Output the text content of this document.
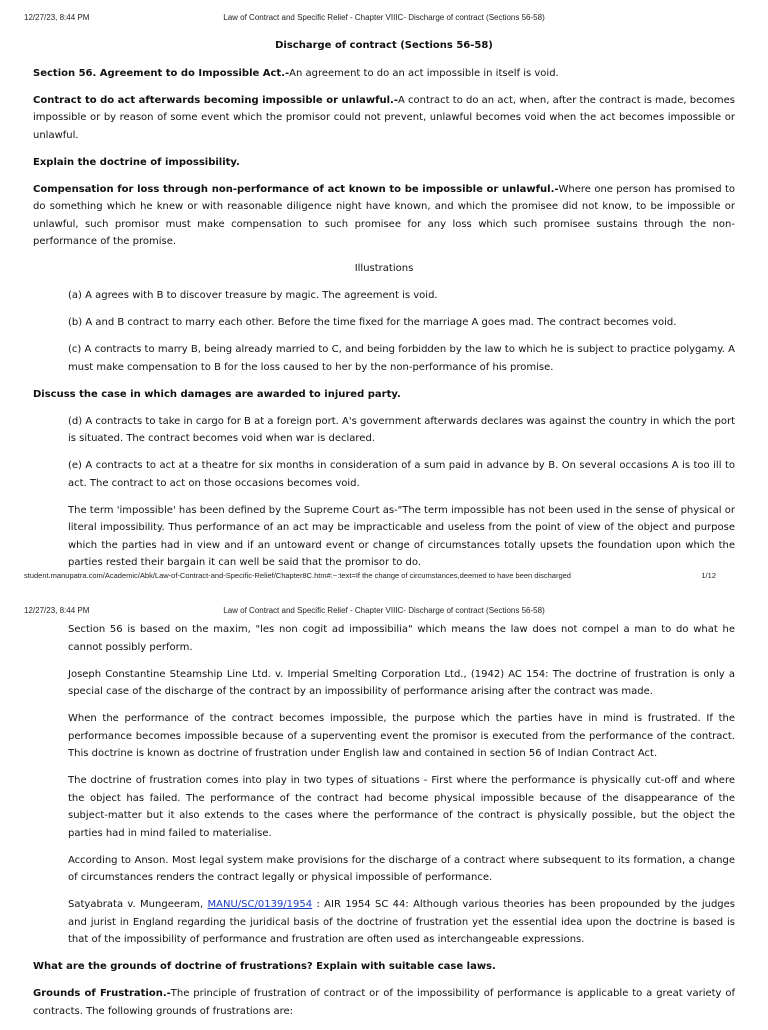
12/27/23, 8:44 PM	Law of Contract and Specific Relief - Chapter VIIIC- Discharge of contract (Sections 56-58)

Discharge of contract (Sections 56-58)

Section 56. Agreement to do Impossible Act.-An agreement to do an act impossible in itself is void.

Contract to do act afterwards becoming impossible or unlawful.-A contract to do an act, when, after the contract is made, becomes impossible or by reason of some event which the promisor could not prevent, unlawful becomes void when the act becomes impossible or unlawful.

Explain the doctrine of impossibility.

Compensation for loss through non-performance of act known to be impossible or unlawful.-Where one person has promised to do something which he knew or with reasonable diligence night have known, and which the promisee did not know, to be impossible or unlawful, such promisor must make compensation to such promisee for any loss which such promisee sustains through the non-performance of the promise.

Illustrations

(a) A agrees with B to discover treasure by magic. The agreement is void.

(b) A and B contract to marry each other. Before the time fixed for the marriage A goes mad. The contract becomes void.

(c) A contracts to marry B, being already married to C, and being forbidden by the law to which he is subject to practice polygamy. A must make compensation to B for the loss caused to her by the non-performance of his promise.

Discuss the case in which damages are awarded to injured party.

(d) A contracts to take in cargo for B at a foreign port. A's government afterwards declares was against the country in which the port is situated. The contract becomes void when war is declared.

(e) A contracts to act at a theatre for six months in consideration of a sum paid in advance by B. On several occasions A is too ill to act. The contract to act on those occasions becomes void.

The term 'impossible' has been defined by the Supreme Court as-"The term impossible has not been used in the sense of physical or literal impossibility. Thus performance of an act may be impracticable and useless from the point of view of the object and purpose which the parties had in view and if an untoward event or change of circumstances totally upsets the foundation upon which the parties rested their bargain it can well be said that the promisor to do.

student.manupatra.com/Academic/Abk/Law-of-Contract-and-Specific-Relief/Chapter8C.htm#:~:text=If the change of circumstances,deemed to have been discharged	1/12
12/27/23, 8:44 PM	Law of Contract and Specific Relief - Chapter VIIIC- Discharge of contract (Sections 56-58)

Section 56 is based on the maxim, "les non cogit ad impossibilia" which means the law does not compel a man to do what he cannot possibly perform.

Joseph Constantine Steamship Line Ltd. v. Imperial Smelting Corporation Ltd., (1942) AC 154: The doctrine of frustration is only a special case of the discharge of the contract by an impossibility of performance arising after the contract was made.

When the performance of the contract becomes impossible, the purpose which the parties have in mind is frustrated. If the performance becomes impossible because of a superventing event the promisor is executed from the performance of the contract. This doctrine is known as doctrine of frustration under English law and contained in section 56 of Indian Contract Act.

The doctrine of frustration comes into play in two types of situations - First where the performance is physically cut-off and where the object has failed. The performance of the contract had become physical impossible because of the disappearance of the subject-matter but it also extends to the cases where the performance of the contract is physically possible, but the object the parties had in mind failed to materialise.

According to Anson. Most legal system make provisions for the discharge of a contract where subsequent to its formation, a change of circumstances renders the contract legally or physical impossible of performance.

Satyabrata v. Mungeeram, MANU/SC/0139/1954 : AIR 1954 SC 44: Although various theories has been propounded by the judges and jurist in England regarding the juridical basis of the doctrine of frustration yet the essential idea upon the doctrine is based is that of the impossibility of performance and frustration are often used as interchangeable expressions.

What are the grounds of doctrine of frustrations? Explain with suitable case laws.

Grounds of Frustration.-The principle of frustration of contract or of the impossibility of performance is applicable to a great variety of contracts. The following grounds of frustrations are:
